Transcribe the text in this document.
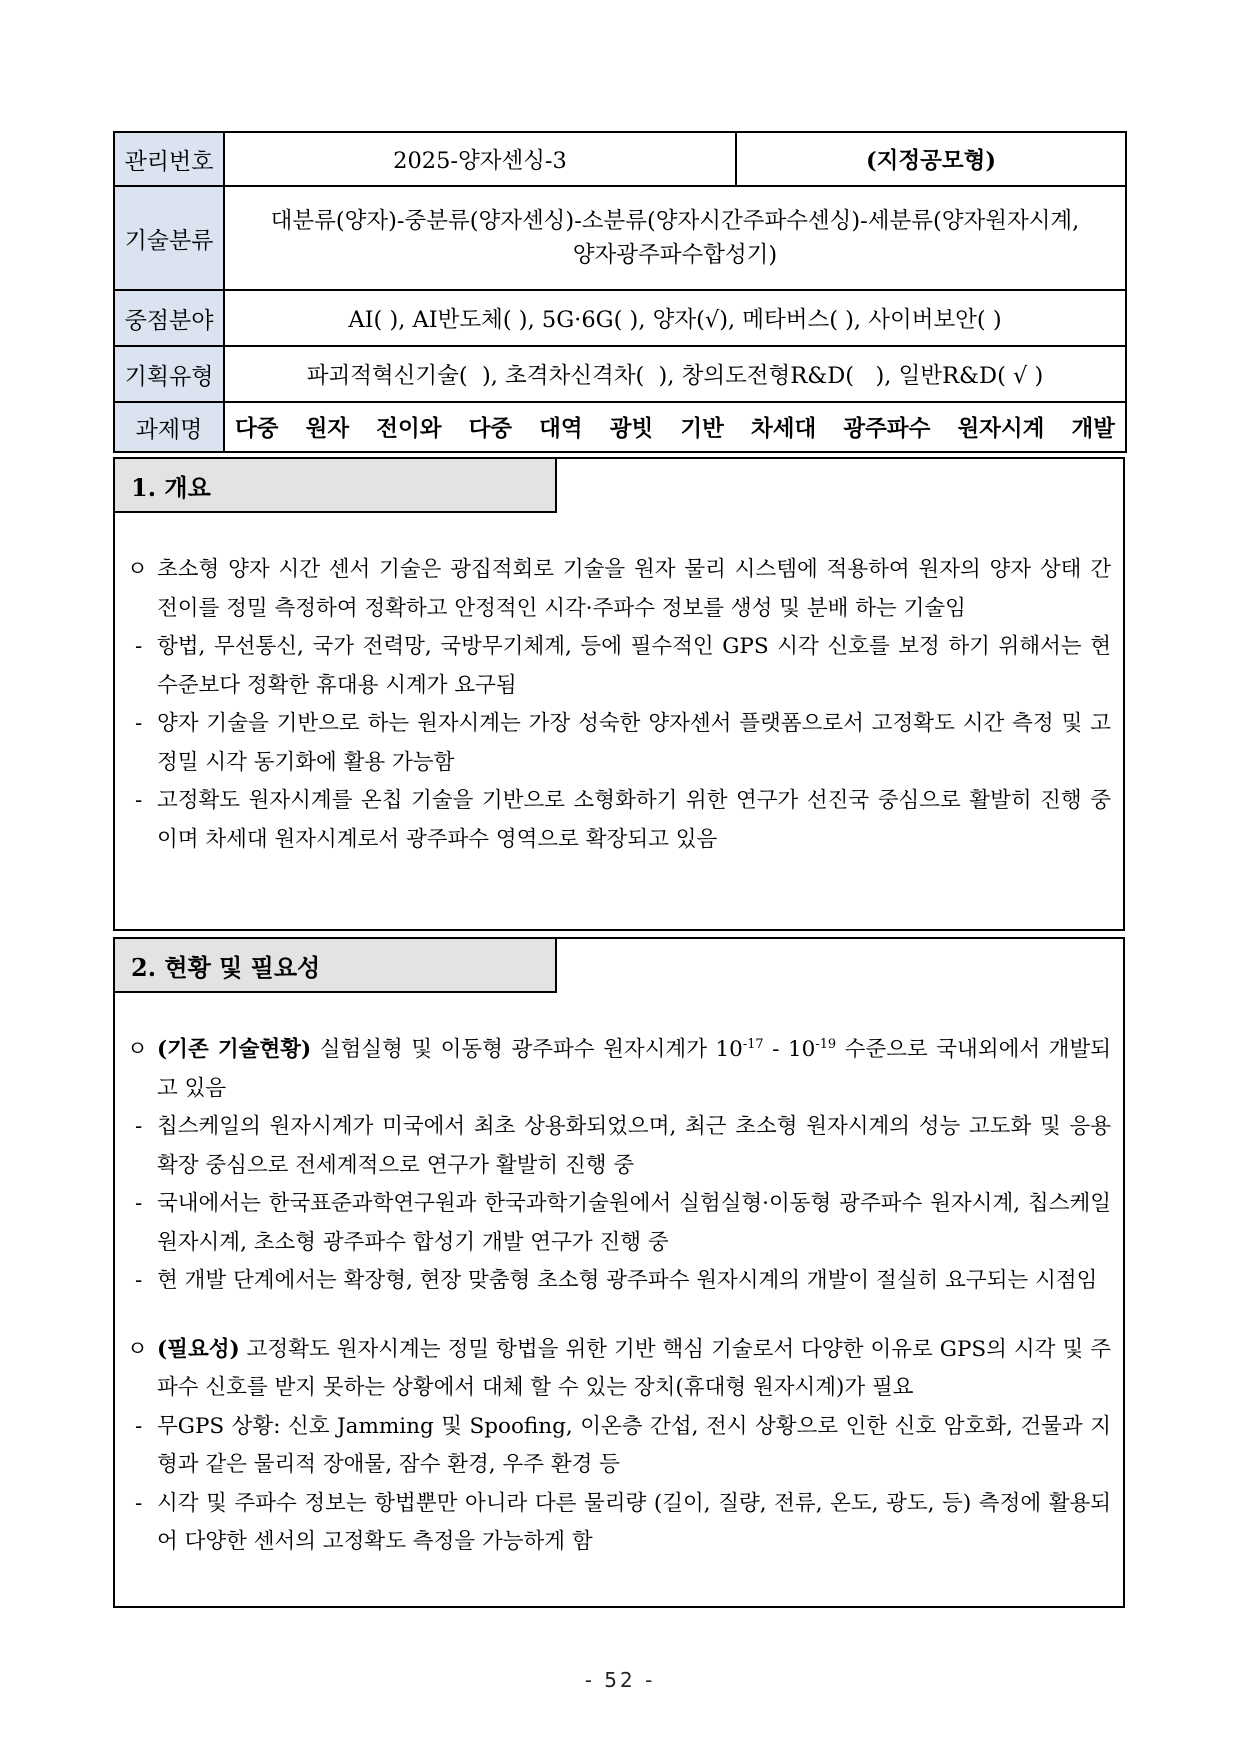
관리번호	2025-양자센싱-3	(지정공모형)
기술분류	대분류(양자)-중분류(양자센싱)-소분류(양자시간주파수센싱)-세분류(양자원자시계,
양자광주파수합성기)	

중점분야	AI( ), AI반도체( ), 5G·6G( ), 양자(√), 메타버스( ), 사이버보안( )	
기획유형	파괴적혁신기술(  ), 초격차신격차(  ), 창의도전형R&D(   ), 일반R&D( √ )	
과제명	다중 원자 전이와 다중 대역 광빗 기반 차세대 광주파수 원자시계 개발	
1. 개요
ㅇ 초소형 양자 시간 센서 기술은 광집적회로 기술을 원자 물리 시스템에 적용하여 원자의 양자 상태 간 전이를 정밀 측정하여 정확하고 안정적인 시각·주파수 정보를 생성 및 분배 하는 기술임
- 항법, 무선통신, 국가 전력망, 국방무기체계, 등에 필수적인 GPS 시각 신호를 보정 하기 위해서는 현 수준보다 정확한 휴대용 시계가 요구됨
- 양자 기술을 기반으로 하는 원자시계는 가장 성숙한 양자센서 플랫폼으로서 고정확도 시간 측정 및 고정밀 시각 동기화에 활용 가능함
- 고정확도 원자시계를 온칩 기술을 기반으로 소형화하기 위한 연구가 선진국 중심으로 활발히 진행 중이며 차세대 원자시계로서 광주파수 영역으로 확장되고 있음
2. 현황 및 필요성
ㅇ (기존 기술현황) 실험실형 및 이동형 광주파수 원자시계가 $10^{-17} - 10^{-19}$ 수준으로 국내외에서 개발되고 있음
- 칩스케일의 원자시계가 미국에서 최초 상용화되었으며, 최근 초소형 원자시계의 성능 고도화 및 응용 확장 중심으로 전세계적으로 연구가 활발히 진행 중
- 국내에서는 한국표준과학연구원과 한국과학기술원에서 실험실형·이동형 광주파수 원자시계, 칩스케일 원자시계, 초소형 광주파수 합성기 개발 연구가 진행 중
- 현 개발 단계에서는 확장형, 현장 맞춤형 초소형 광주파수 원자시계의 개발이 절실히 요구되는 시점임
ㅇ (필요성) 고정확도 원자시계는 정밀 항법을 위한 기반 핵심 기술로서 다양한 이유로 GPS의 시각 및 주파수 신호를 받지 못하는 상황에서 대체 할 수 있는 장치(휴대형 원자시계)가 필요
- 무GPS 상황: 신호 Jamming 및 Spoofing, 이온층 간섭, 전시 상황으로 인한 신호 암호화, 건물과 지형과 같은 물리적 장애물, 잠수 환경, 우주 환경 등
- 시각 및 주파수 정보는 항법뿐만 아니라 다른 물리량 (길이, 질량, 전류, 온도, 광도, 등) 측정에 활용되어 다양한 센서의 고정확도 측정을 가능하게 함
- 52 -
